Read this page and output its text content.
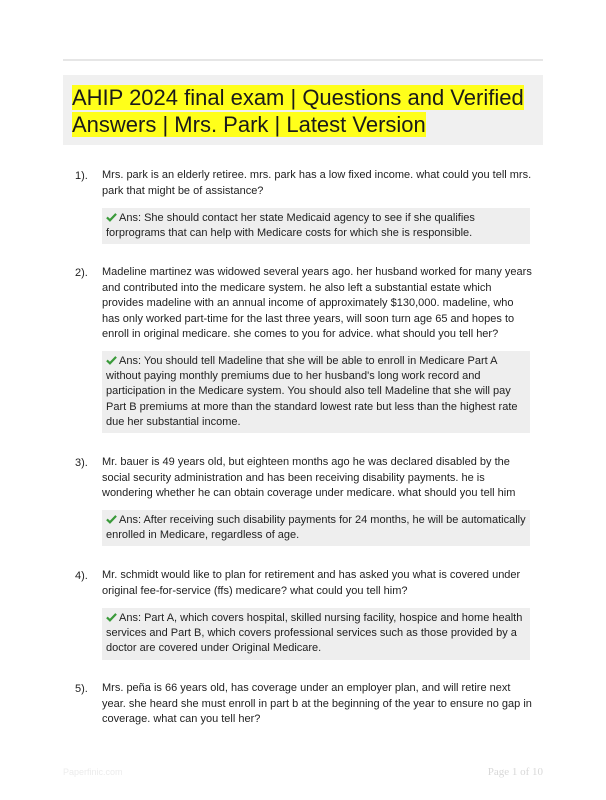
AHIP 2024 final exam | Questions and Verified Answers | Mrs. Park | Latest Version
1). Mrs. park is an elderly retiree. mrs. park has a low fixed income. what could you tell mrs. park that might be of assistance?
Ans: She should contact her state Medicaid agency to see if she qualifies forprograms that can help with Medicare costs for which she is responsible.
2). Madeline martinez was widowed several years ago. her husband worked for many years and contributed into the medicare system. he also left a substantial estate which provides madeline with an annual income of approximately $130,000. madeline, who has only worked part-time for the last three years, will soon turn age 65 and hopes to enroll in original medicare. she comes to you for advice. what should you tell her?
Ans: You should tell Madeline that she will be able to enroll in Medicare Part A without paying monthly premiums due to her husband's long work record and participation in the Medicare system. You should also tell Madeline that she will pay Part B premiums at more than the standard lowest rate but less than the highest rate due her substantial income.
3). Mr. bauer is 49 years old, but eighteen months ago he was declared disabled by the social security administration and has been receiving disability payments. he is wondering whether he can obtain coverage under medicare. what should you tell him
Ans: After receiving such disability payments for 24 months, he will be automatically enrolled in Medicare, regardless of age.
4). Mr. schmidt would like to plan for retirement and has asked you what is covered under original fee-for-service (ffs) medicare? what could you tell him?
Ans: Part A, which covers hospital, skilled nursing facility, hospice and home health services and Part B, which covers professional services such as those provided by a doctor are covered under Original Medicare.
5). Mrs. peña is 66 years old, has coverage under an employer plan, and will retire next year. she heard she must enroll in part b at the beginning of the year to ensure no gap in coverage. what can you tell her?
Paperfinic.com	Page 1 of 10
